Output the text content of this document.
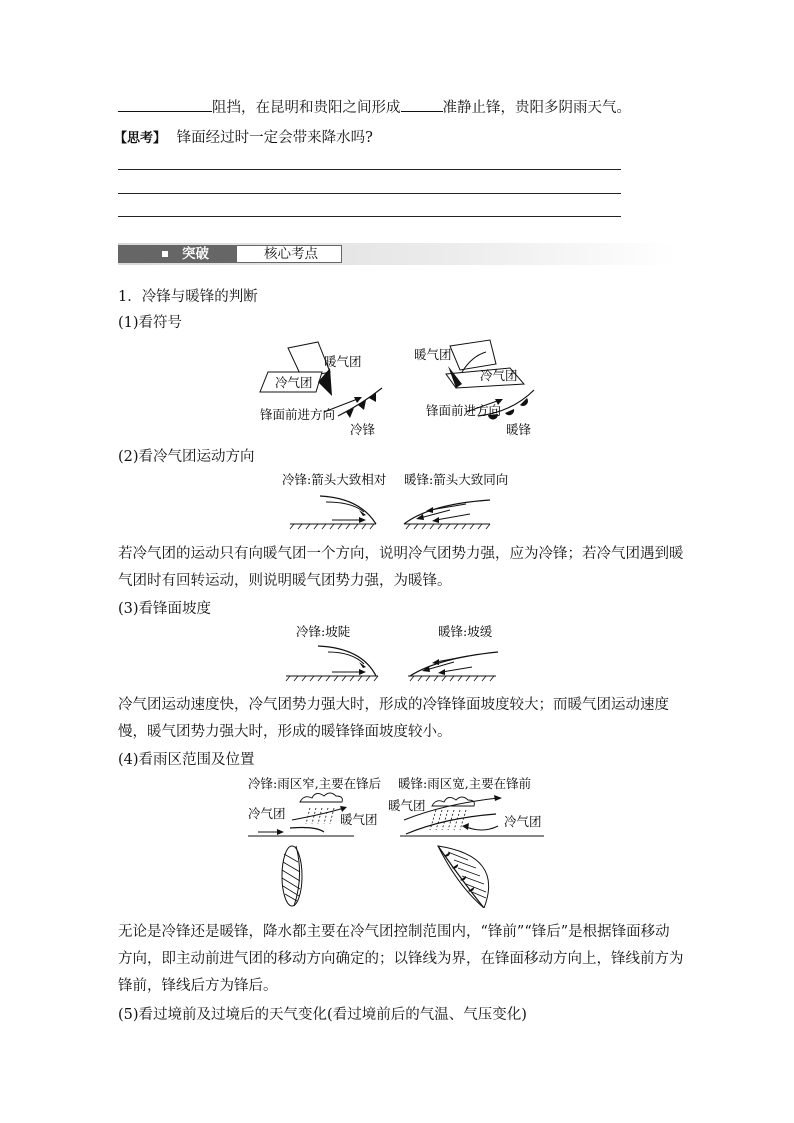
阻挡，在昆明和贵阳之间形成	准静止锋，贵阳多阴雨天气。
【思考】 锋面经过时一定会带来降水吗?
突破	核心考点
1．冷锋与暖锋的判断
(1)看符号
暖气团
冷气团
锋面前进方向
冷锋
暖气团
冷气团
锋面前进方向
暖锋
(2)看冷气团运动方向
冷锋:箭头大致相对 暖锋:箭头大致同向
若冷气团的运动只有向暖气团一个方向，说明冷气团势力强，应为冷锋；若冷气团遇到暖气团时有回转运动，则说明暖气团势力强，为暖锋。
(3)看锋面坡度
冷锋:坡陡	暖锋:坡缓
冷气团运动速度快，冷气团势力强大时，形成的冷锋锋面坡度较大；而暖气团运动速度慢，暖气团势力强大时，形成的暖锋锋面坡度较小。
(4)看雨区范围及位置
冷锋:雨区窄,主要在锋后 暖锋:雨区宽,主要在锋前
冷气团	暖气团
暖气团
冷气团
无论是冷锋还是暖锋，降水都主要在冷气团控制范围内，“锋前”“锋后”是根据锋面移动方向，即主动前进气团的移动方向确定的；以锋线为界，在锋面移动方向上，锋线前方为锋前，锋线后方为锋后。
(5)看过境前及过境后的天气变化(看过境前后的气温、气压变化)
